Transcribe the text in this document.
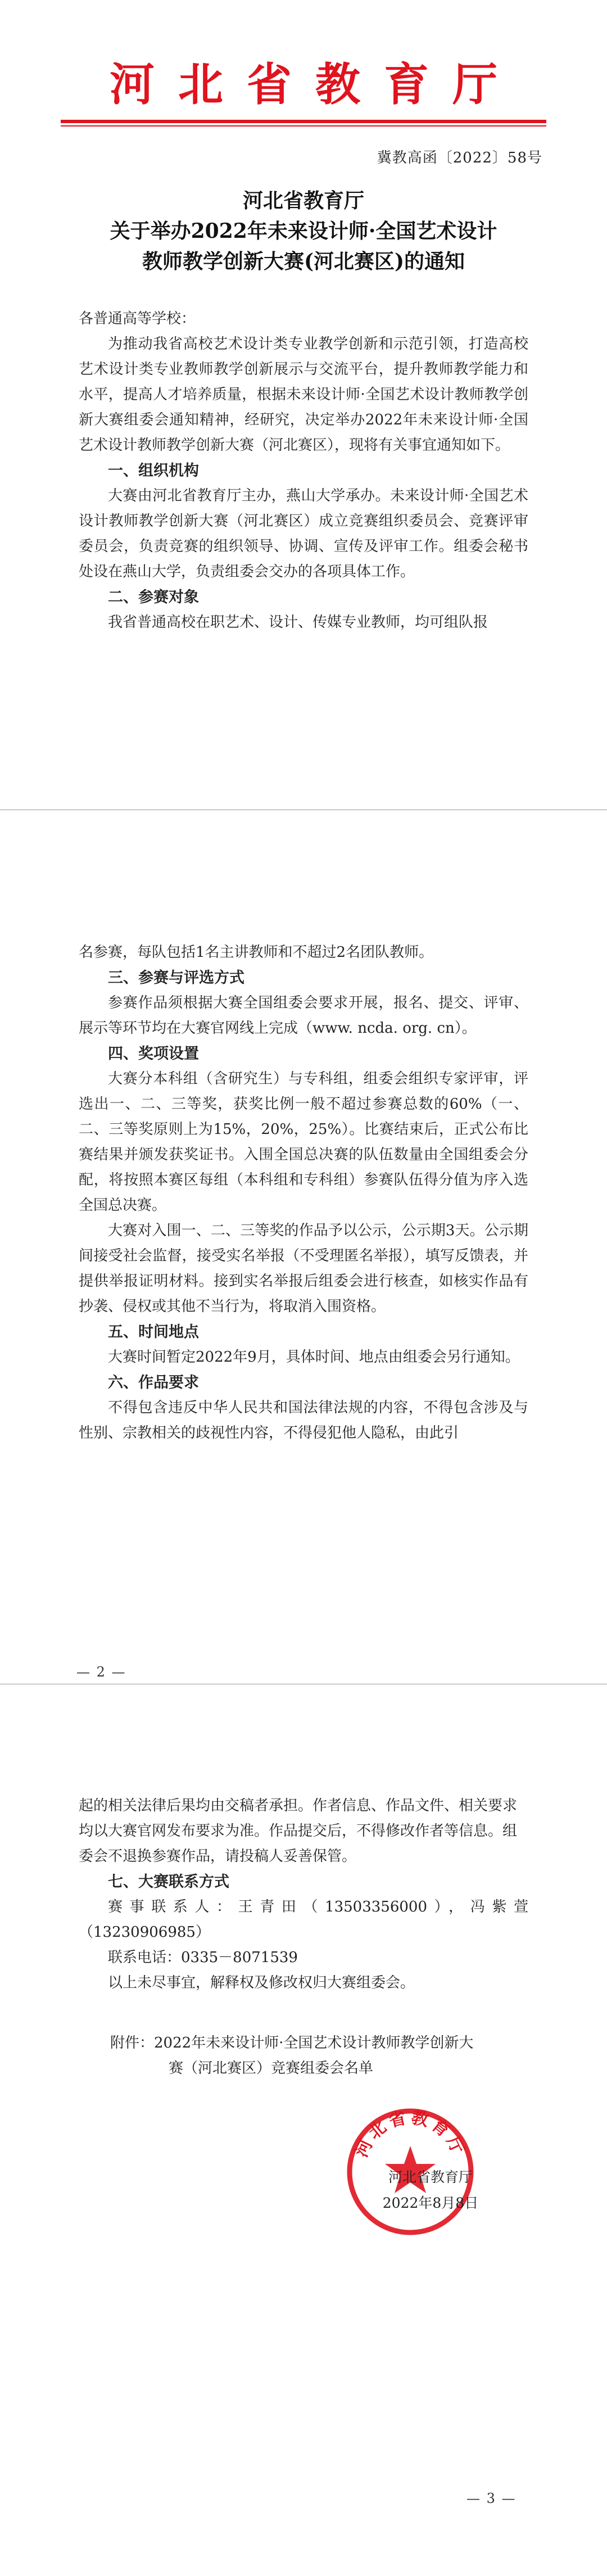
河北省教育厅
冀教高函〔2022〕58号
河北省教育厅
关于举办2022年未来设计师·全国艺术设计
教师教学创新大赛(河北赛区)的通知

各普通高等学校：

为推动我省高校艺术设计类专业教学创新和示范引领，打造高校艺术设计类专业教师教学创新展示与交流平台，提升教师教学能力和水平，提高人才培养质量，根据未来设计师·全国艺术设计教师教学创新大赛组委会通知精神，经研究，决定举办2022年未来设计师·全国艺术设计教师教学创新大赛（河北赛区），现将有关事宜通知如下。

一、组织机构

大赛由河北省教育厅主办，燕山大学承办。未来设计师·全国艺术设计教师教学创新大赛（河北赛区）成立竞赛组织委员会、竞赛评审委员会，负责竞赛的组织领导、协调、宣传及评审工作。组委会秘书处设在燕山大学，负责组委会交办的各项具体工作。

二、参赛对象

我省普通高校在职艺术、设计、传媒专业教师，均可组队报

名参赛，每队包括1名主讲教师和不超过2名团队教师。

三、参赛与评选方式

参赛作品须根据大赛全国组委会要求开展，报名、提交、评审、展示等环节均在大赛官网线上完成（www. ncda. org. cn）。

四、奖项设置

大赛分本科组（含研究生）与专科组，组委会组织专家评审，评选出一、二、三等奖，获奖比例一般不超过参赛总数的60%（一、二、三等奖原则上为15%，20%，25%）。比赛结束后，正式公布比赛结果并颁发获奖证书。入围全国总决赛的队伍数量由全国组委会分配，将按照本赛区每组（本科组和专科组）参赛队伍得分值为序入选全国总决赛。

大赛对入围一、二、三等奖的作品予以公示，公示期3天。公示期间接受社会监督，接受实名举报（不受理匿名举报），填写反馈表，并提供举报证明材料。接到实名举报后组委会进行核查，如核实作品有抄袭、侵权或其他不当行为，将取消入围资格。

五、时间地点

大赛时间暂定2022年9月，具体时间、地点由组委会另行通知。

六、作品要求

不得包含违反中华人民共和国法律法规的内容，不得包含涉及与性别、宗教相关的歧视性内容，不得侵犯他人隐私，由此引

— 2 —

起的相关法律后果均由交稿者承担。作者信息、作品文件、相关要求均以大赛官网发布要求为准。作品提交后，不得修改作者等信息。组委会不退换参赛作品，请投稿人妥善保管。

七、大赛联系方式

赛事联系人：王青田（13503356000），冯紫萱（13230906985）

联系电话：0335－8071539

以上未尽事宜，解释权及修改权归大赛组委会。

附件：2022年未来设计师·全国艺术设计教师教学创新大
赛（河北赛区）竞赛组委会名单
河北省教育厅
河北省教育厅
2022年8月8日
— 3 —
